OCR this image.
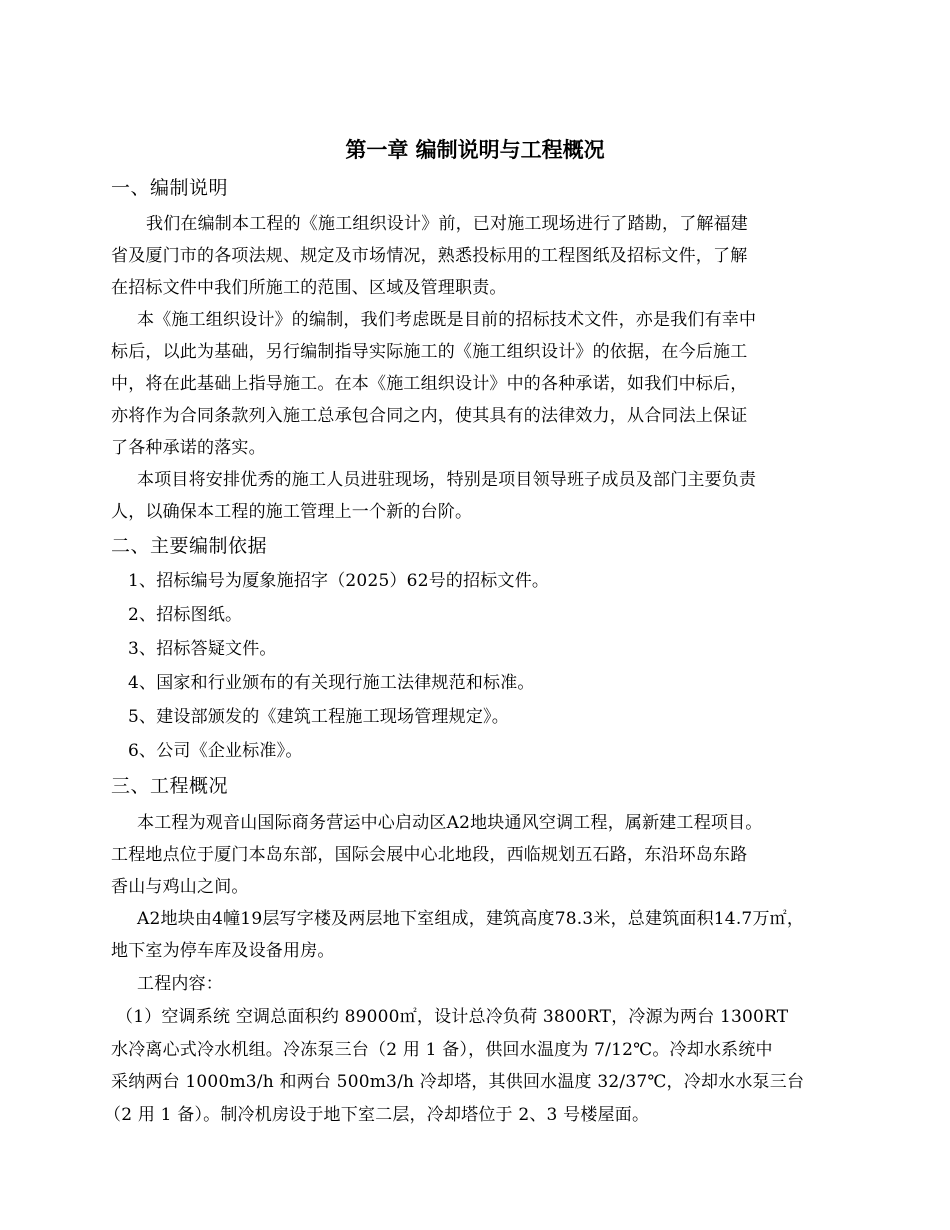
第一章 编制说明与工程概况
一、编制说明
我们在编制本工程的《施工组织设计》前，已对施工现场进行了踏勘，了解福建
省及厦门市的各项法规、规定及市场情况，熟悉投标用的工程图纸及招标文件，了解
在招标文件中我们所施工的范围、区域及管理职责。
本《施工组织设计》的编制，我们考虑既是目前的招标技术文件，亦是我们有幸中
标后，以此为基础，另行编制指导实际施工的《施工组织设计》的依据，在今后施工
中，将在此基础上指导施工。在本《施工组织设计》中的各种承诺，如我们中标后，
亦将作为合同条款列入施工总承包合同之内，使其具有的法律效力，从合同法上保证
了各种承诺的落实。
本项目将安排优秀的施工人员进驻现场，特别是项目领导班子成员及部门主要负责
人，以确保本工程的施工管理上一个新的台阶。
二、主要编制依据
1、招标编号为厦象施招字（2025）62号的招标文件。
2、招标图纸。
3、招标答疑文件。
4、国家和行业颁布的有关现行施工法律规范和标准。
5、建设部颁发的《建筑工程施工现场管理规定》。
6、公司《企业标准》。
三、工程概况
本工程为观音山国际商务营运中心启动区A2地块通风空调工程，属新建工程项目。
工程地点位于厦门本岛东部，国际会展中心北地段，西临规划五石路，东沿环岛东路
香山与鸡山之间。
A2地块由4幢19层写字楼及两层地下室组成，建筑高度78.3米，总建筑面积14.7万㎡，
地下室为停车库及设备用房。
工程内容：
（1）空调系统 空调总面积约 89000㎡，设计总冷负荷 3800RT，冷源为两台 1300RT
水冷离心式冷水机组。冷冻泵三台（2 用 1 备），供回水温度为 7/12℃。冷却水系统中
采纳两台 1000m3/h 和两台 500m3/h 冷却塔，其供回水温度 32/37℃，冷却水水泵三台
（2 用 1 备）。制冷机房设于地下室二层，冷却塔位于 2、3 号楼屋面。
